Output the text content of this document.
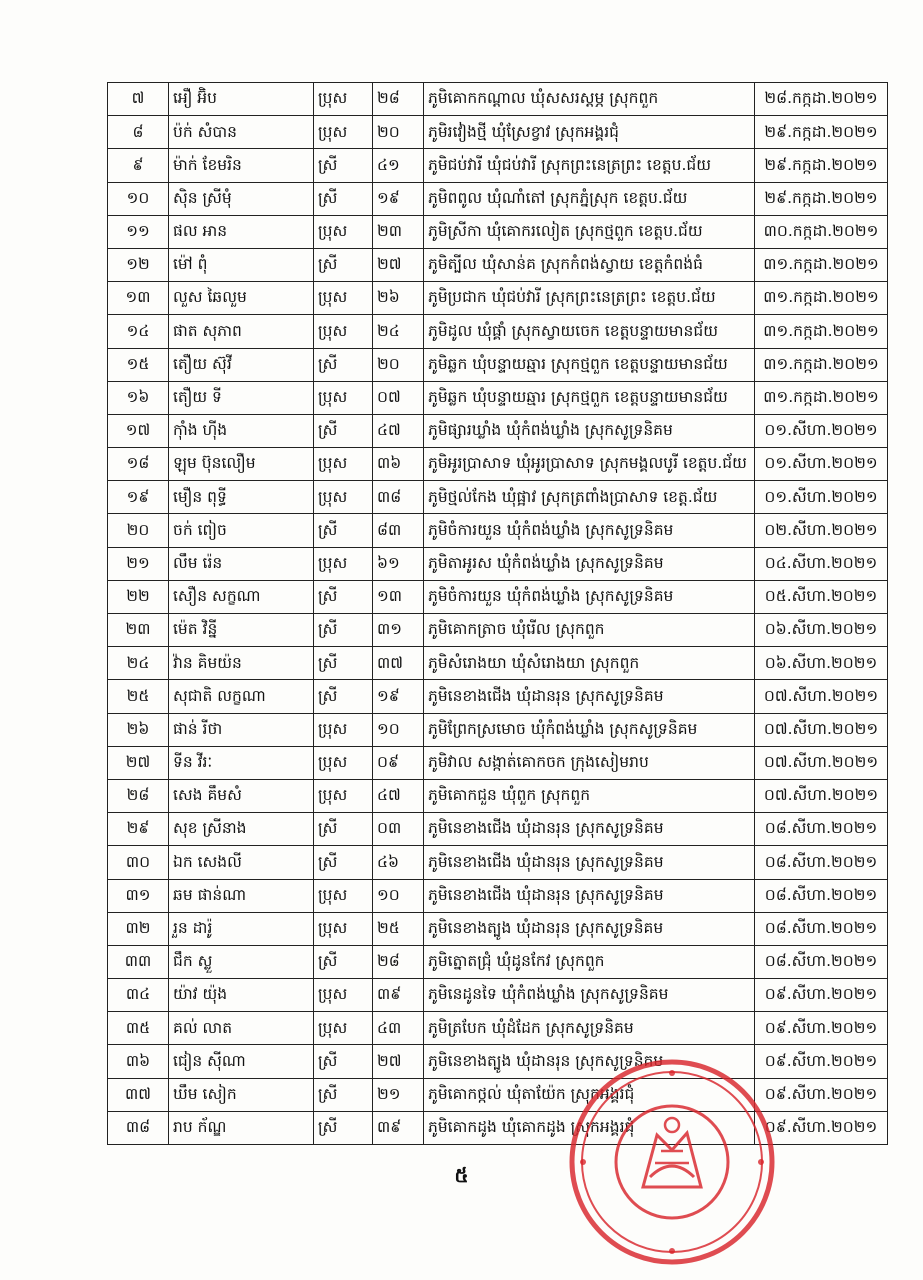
៧	អឿ អ៊ិប	ប្រុស	២៨	ភូមិគោកកណ្ដាល ឃុំសសរស្ដម្ភ ស្រុកពួក	២៨.កក្កដា.២០២១
៨	ប៉ក់ សំបាន	ប្រុស	២០	ភូមិរវៀងថ្មី ឃុំស្រែខ្វាវ ស្រុកអង្គរជុំ	២៩.កក្កដា.២០២១
៩	ម៉ាក់ ខែមរិន	ស្រី	៤១	ភូមិជប់វារី ឃុំជប់វារី ស្រុកព្រះនេត្រព្រះ ខេត្តប.ជ័យ	២៩.កក្កដា.២០២១
១០	ស៊ិន ស្រីមុំ	ស្រី	១៩	ភូមិពពូល ឃុំណាំតៅ ស្រុកភ្នំស្រុក ខេត្តប.ជ័យ	២៩.កក្កដា.២០២១
១១	ផល អាន	ប្រុស	២៣	ភូមិស្រីកា ឃុំគោករលៀត ស្រុកថ្មពួក ខេត្តប.ជ័យ	៣០.កក្កដា.២០២១
១២	ម៉ៅ ពុំ	ស្រី	២៧	ភូមិត្បីល ឃុំសាន់គ ស្រុកកំពង់ស្វាយ ខេត្តកំពង់ធំ	៣១.កក្កដា.២០២១
១៣	លួស ឆៃលួម	ប្រុស	២៦	ភូមិប្រជាក ឃុំជប់វារី ស្រុកព្រះនេត្រព្រះ ខេត្តប.ជ័យ	៣១.កក្កដា.២០២១
១៤	ផាត សុភាព	ប្រុស	២៤	ភូមិដូល ឃុំផ្គាំ ស្រុកស្វាយចេក ខេត្តបន្ទាយមានជ័យ	៣១.កក្កដា.២០២១
១៥	តឿយ ស៊ុវី	ស្រី	២០	ភូមិឆ្លក ឃុំបន្ទាយឆ្មារ ស្រុកថ្មពួក ខេត្តបន្ទាយមានជ័យ	៣១.កក្កដា.២០២១
១៦	តឿយ ទី	ប្រុស	០៧	ភូមិឆ្លក ឃុំបន្ទាយឆ្មារ ស្រុកថ្មពួក ខេត្តបន្ទាយមានជ័យ	៣១.កក្កដា.២០២១
១៧	ក៉ាំង ហ៊ីង	ស្រី	៤៧	ភូមិផ្សារឃ្លាំង ឃុំកំពង់ឃ្លាំង ស្រុកសូទ្រនិគម	០១.សីហា.២០២១
១៨	ឡុម ប៊ុនលឿម	ប្រុស	៣៦	ភូមិអូរប្រាសាទ ឃុំអូរប្រាសាទ ស្រុកមង្គលបូរី ខេត្តប.ជ័យ	០១.សីហា.២០២១
១៩	មឿន ពុទ្ធី	ប្រុស	៣៨	ភូមិថ្មល់កែង ឃុំផ្អាវ ស្រុកត្រពាំងប្រាសាទ ខេត្ត.ជ័យ	០១.សីហា.២០២១
២០	ចក់ ពៀច	ស្រី	៨៣	ភូមិចំការយួន ឃុំកំពង់ឃ្លាំង ស្រុកសូទ្រនិគម	០២.សីហា.២០២១
២១	លឹម រ៉េន	ប្រុស	៦១	ភូមិតាអូរស ឃុំកំពង់ឃ្លាំង ស្រុកសូទ្រនិគម	០៤.សីហា.២០២១
២២	សឿន សក្ខណា	ស្រី	១៣	ភូមិចំការយួន ឃុំកំពង់ឃ្លាំង ស្រុកសូទ្រនិគម	០៥.សីហា.២០២១
២៣	ម៉េត វិន្នី	ស្រី	៣១	ភូមិគោកត្រាច ឃុំរើល ស្រុកពួក	០៦.សីហា.២០២១
២៤	វ៉ាន គិមយ៉ន	ស្រី	៣៧	ភូមិសំរោងយា ឃុំសំរោងយា ស្រុកពួក	០៦.សីហា.២០២១
២៥	សុជាតិ លក្ខណា	ស្រី	១៩	ភូមិនេខាងជើង ឃុំដានរុន ស្រុកសូទ្រនិគម	០៧.សីហា.២០២១
២៦	ផាន់ រីថា	ប្រុស	១០	ភូមិព្រែកស្រមោច ឃុំកំពង់ឃ្លាំង ស្រុកសូទ្រនិគម	០៧.សីហា.២០២១
២៧	ទីន វីរៈ	ប្រុស	០៩	ភូមិវាល សង្កាត់គោកចក ក្រុងសៀមរាប	០៧.សីហា.២០២១
២៨	សេង គឹមសំ	ប្រុស	៤៧	ភូមិគោកជួន ឃុំពួក ស្រុកពួក	០៧.សីហា.២០២១
២៩	សុខ ស្រីនាង	ស្រី	០៣	ភូមិនេខាងជើង ឃុំដានរុន ស្រុកសូទ្រនិគម	០៨.សីហា.២០២១
៣០	ឯក សេងលី	ស្រី	៤៦	ភូមិនេខាងជើង ឃុំដានរុន ស្រុកសូទ្រនិគម	០៨.សីហា.២០២១
៣១	ឆម ផាន់ណា	ប្រុស	១០	ភូមិនេខាងជើង ឃុំដានរុន ស្រុកសូទ្រនិគម	០៨.សីហា.២០២១
៣២	រួន ដារ៉ូ	ប្រុស	២៥	ភូមិនេខាងត្បូង ឃុំដានរុន ស្រុកសូទ្រនិគម	០៨.សីហា.២០២១
៣៣	ជឹក ស្លួ	ស្រី	២៨	ភូមិត្នោតជ្រុំ ឃុំដូនកែវ ស្រុកពួក	០៨.សីហា.២០២១
៣៤	យ៉ាវ យ៉ុង	ប្រុស	៣៩	ភូមិនេដូនទៃ ឃុំកំពង់ឃ្លាំង ស្រុកសូទ្រនិគម	០៩.សីហា.២០២១
៣៥	គល់ លាត	ប្រុស	៤៣	ភូមិត្របែក ឃុំដំដែក ស្រុកសូទ្រនិគម	០៩.សីហា.២០២១
៣៦	ជៀន ស៊ីណា	ស្រី	២៧	ភូមិនេខាងត្បូង ឃុំដានរុន ស្រុកសូទ្រនិគម	០៩.សីហា.២០២១
៣៧	ឃឹម សៀក	ស្រី	២១	ភូមិគោកថ្កល់ ឃុំតាយ៉ែក ស្រុកអង្គរជុំ	០៩.សីហា.២០២១
៣៨	រាប ក័ណ្ឌ	ស្រី	៣៩	ភូមិគោកដូង ឃុំគោកដូង ស្រុកអង្គរជុំ	០៩.សីហា.២០២១
៥
